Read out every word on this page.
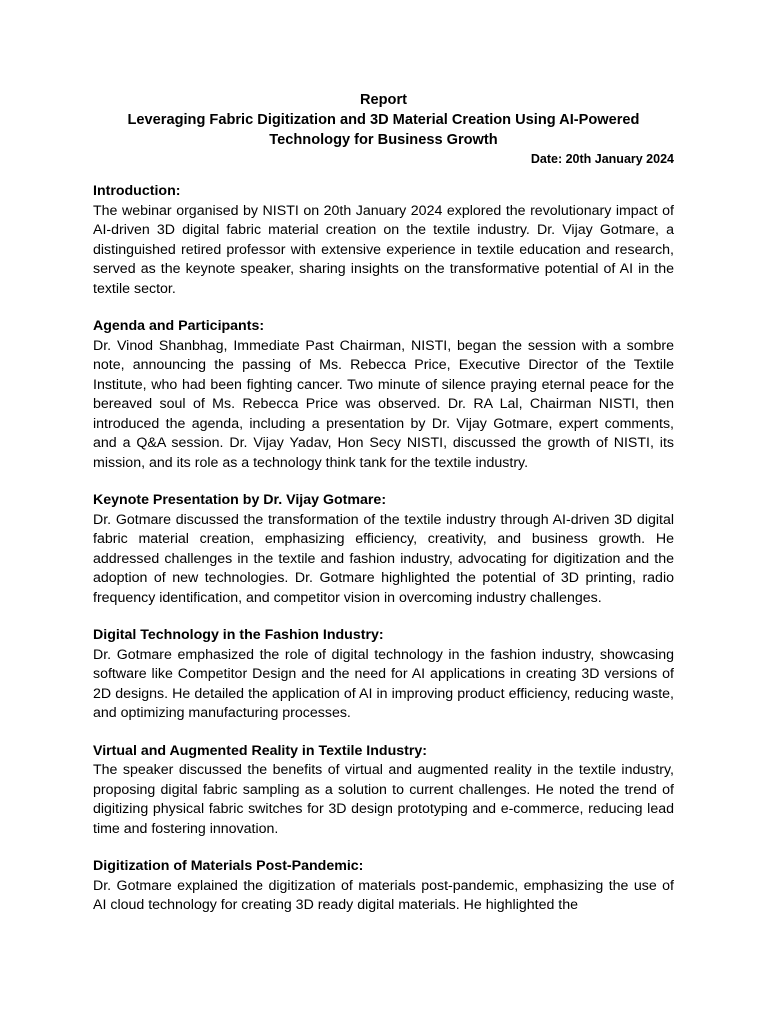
Report
Leveraging Fabric Digitization and 3D Material Creation Using AI-Powered
Technology for Business Growth
Date: 20th January 2024
Introduction:

The webinar organised by NISTI on 20th January 2024 explored the revolutionary impact of AI-driven 3D digital fabric material creation on the textile industry. Dr. Vijay Gotmare, a distinguished retired professor with extensive experience in textile education and research, served as the keynote speaker, sharing insights on the transformative potential of AI in the textile sector.

Agenda and Participants:

Dr. Vinod Shanbhag, Immediate Past Chairman, NISTI, began the session with a sombre note, announcing the passing of Ms. Rebecca Price, Executive Director of the Textile Institute, who had been fighting cancer. Two minute of silence praying eternal peace for the bereaved soul of Ms. Rebecca Price was observed. Dr. RA Lal, Chairman NISTI, then introduced the agenda, including a presentation by Dr. Vijay Gotmare, expert comments, and a Q&A session. Dr. Vijay Yadav, Hon Secy NISTI, discussed the growth of NISTI, its mission, and its role as a technology think tank for the textile industry.

Keynote Presentation by Dr. Vijay Gotmare:

Dr. Gotmare discussed the transformation of the textile industry through AI-driven 3D digital fabric material creation, emphasizing efficiency, creativity, and business growth. He addressed challenges in the textile and fashion industry, advocating for digitization and the adoption of new technologies. Dr. Gotmare highlighted the potential of 3D printing, radio frequency identification, and competitor vision in overcoming industry challenges.

Digital Technology in the Fashion Industry:

Dr. Gotmare emphasized the role of digital technology in the fashion industry, showcasing software like Competitor Design and the need for AI applications in creating 3D versions of 2D designs. He detailed the application of AI in improving product efficiency, reducing waste, and optimizing manufacturing processes.

Virtual and Augmented Reality in Textile Industry:

The speaker discussed the benefits of virtual and augmented reality in the textile industry, proposing digital fabric sampling as a solution to current challenges. He noted the trend of digitizing physical fabric switches for 3D design prototyping and e-commerce, reducing lead time and fostering innovation.

Digitization of Materials Post-Pandemic:

Dr. Gotmare explained the digitization of materials post-pandemic, emphasizing the use of AI cloud technology for creating 3D ready digital materials. He highlighted the
